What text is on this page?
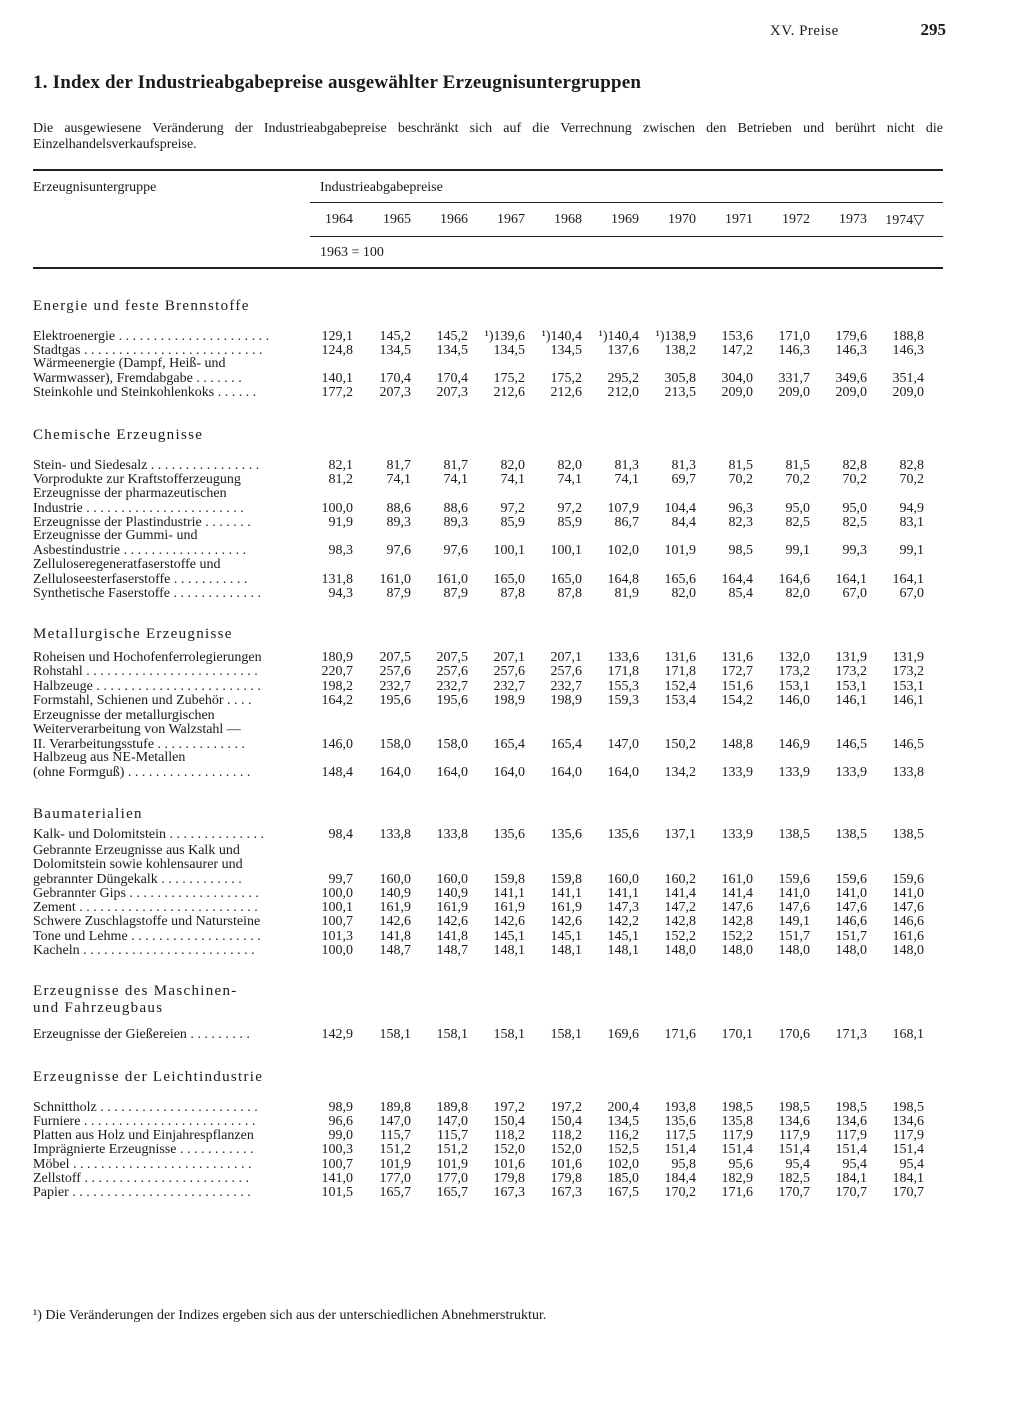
XV. Preise	295
1. Index der Industrieabgabepreise ausgewählter Erzeugnisuntergruppen
Die ausgewiesene Veränderung der Industrieabgabepreise beschränkt sich auf die Verrechnung zwischen den Betrieben und berührt nicht die Einzelhandelsverkaufspreise.
Erzeugnisuntergruppe	Industrieabgabepreise
1964	1965	1966	1967	1968	1969	1970	1971	1972	1973	1974▽
1963 = 100
Energie und feste Brennstoffe
Elektroenergie . . . . . . . . . . . . . . . . . . . . . .	129,1	145,2	145,2	¹)139,6	¹)140,4	¹)140,4	¹)138,9	153,6	171,0	179,6	188,8
Stadtgas . . . . . . . . . . . . . . . . . . . . . . . . . .	124,8	134,5	134,5	134,5	134,5	137,6	138,2	147,2	146,3	146,3	146,3
Wärmeenergie (Dampf, Heiß- und
Warmwasser), Fremdabgabe . . . . . . .	140,1	170,4	170,4	175,2	175,2	295,2	305,8	304,0	331,7	349,6	351,4
Steinkohle und Steinkohlenkoks . . . . . .	177,2	207,3	207,3	212,6	212,6	212,0	213,5	209,0	209,0	209,0	209,0
Chemische Erzeugnisse
Stein- und Siedesalz . . . . . . . . . . . . . . . .	82,1	81,7	81,7	82,0	82,0	81,3	81,3	81,5	81,5	82,8	82,8
Vorprodukte zur Kraftstofferzeugung	81,2	74,1	74,1	74,1	74,1	74,1	69,7	70,2	70,2	70,2	70,2
Erzeugnisse der pharmazeutischen
Industrie . . . . . . . . . . . . . . . . . . . . . . .	100,0	88,6	88,6	97,2	97,2	107,9	104,4	96,3	95,0	95,0	94,9
Erzeugnisse der Plastindustrie . . . . . . .	91,9	89,3	89,3	85,9	85,9	86,7	84,4	82,3	82,5	82,5	83,1
Erzeugnisse der Gummi- und
Asbestindustrie . . . . . . . . . . . . . . . . . .	98,3	97,6	97,6	100,1	100,1	102,0	101,9	98,5	99,1	99,3	99,1
Zelluloseregeneratfaserstoffe und
Zelluloseesterfaserstoffe . . . . . . . . . . .	131,8	161,0	161,0	165,0	165,0	164,8	165,6	164,4	164,6	164,1	164,1
Synthetische Faserstoffe . . . . . . . . . . . . .	94,3	87,9	87,9	87,8	87,8	81,9	82,0	85,4	82,0	67,0	67,0
Metallurgische Erzeugnisse
Roheisen und Hochofenferrolegierungen	180,9	207,5	207,5	207,1	207,1	133,6	131,6	131,6	132,0	131,9	131,9
Rohstahl . . . . . . . . . . . . . . . . . . . . . . . . .	220,7	257,6	257,6	257,6	257,6	171,8	171,8	172,7	173,2	173,2	173,2
Halbzeuge . . . . . . . . . . . . . . . . . . . . . . . .	198,2	232,7	232,7	232,7	232,7	155,3	152,4	151,6	153,1	153,1	153,1
Formstahl, Schienen und Zubehör . . . .	164,2	195,6	195,6	198,9	198,9	159,3	153,4	154,2	146,0	146,1	146,1
Erzeugnisse der metallurgischen
Weiterverarbeitung von Walzstahl —
II. Verarbeitungsstufe . . . . . . . . . . . . .	146,0	158,0	158,0	165,4	165,4	147,0	150,2	148,8	146,9	146,5	146,5
Halbzeug aus NE-Metallen
(ohne Formguß) . . . . . . . . . . . . . . . . . .	148,4	164,0	164,0	164,0	164,0	164,0	134,2	133,9	133,9	133,9	133,8
Baumaterialien
Kalk- und Dolomitstein . . . . . . . . . . . . . .	98,4	133,8	133,8	135,6	135,6	135,6	137,1	133,9	138,5	138,5	138,5
Gebrannte Erzeugnisse aus Kalk und
Dolomitstein sowie kohlensaurer und
gebrannter Düngekalk . . . . . . . . . . . .	99,7	160,0	160,0	159,8	159,8	160,0	160,2	161,0	159,6	159,6	159,6
Gebrannter Gips . . . . . . . . . . . . . . . . . . .	100,0	140,9	140,9	141,1	141,1	141,1	141,4	141,4	141,0	141,0	141,0
Zement . . . . . . . . . . . . . . . . . . . . . . . . . .	100,1	161,9	161,9	161,9	161,9	147,3	147,2	147,6	147,6	147,6	147,6
Schwere Zuschlagstoffe und Natursteine	100,7	142,6	142,6	142,6	142,6	142,2	142,8	142,8	149,1	146,6	146,6
Tone und Lehme . . . . . . . . . . . . . . . . . . .	101,3	141,8	141,8	145,1	145,1	145,1	152,2	152,2	151,7	151,7	161,6
Kacheln . . . . . . . . . . . . . . . . . . . . . . . . .	100,0	148,7	148,7	148,1	148,1	148,1	148,0	148,0	148,0	148,0	148,0
Erzeugnisse des Maschinen-
und Fahrzeugbaus
Erzeugnisse der Gießereien . . . . . . . . .	142,9	158,1	158,1	158,1	158,1	169,6	171,6	170,1	170,6	171,3	168,1
Erzeugnisse der Leichtindustrie
Schnittholz . . . . . . . . . . . . . . . . . . . . . . .	98,9	189,8	189,8	197,2	197,2	200,4	193,8	198,5	198,5	198,5	198,5
Furniere . . . . . . . . . . . . . . . . . . . . . . . . .	96,6	147,0	147,0	150,4	150,4	134,5	135,6	135,8	134,6	134,6	134,6
Platten aus Holz und Einjahrespflanzen	99,0	115,7	115,7	118,2	118,2	116,2	117,5	117,9	117,9	117,9	117,9
Imprägnierte Erzeugnisse . . . . . . . . . . .	100,3	151,2	151,2	152,0	152,0	152,5	151,4	151,4	151,4	151,4	151,4
Möbel . . . . . . . . . . . . . . . . . . . . . . . . . .	100,7	101,9	101,9	101,6	101,6	102,0	95,8	95,6	95,4	95,4	95,4
Zellstoff . . . . . . . . . . . . . . . . . . . . . . . .	141,0	177,0	177,0	179,8	179,8	185,0	184,4	182,9	182,5	184,1	184,1
Papier . . . . . . . . . . . . . . . . . . . . . . . . . .	101,5	165,7	165,7	167,3	167,3	167,5	170,2	171,6	170,7	170,7	170,7
¹) Die Veränderungen der Indizes ergeben sich aus der unterschiedlichen Abnehmerstruktur.
